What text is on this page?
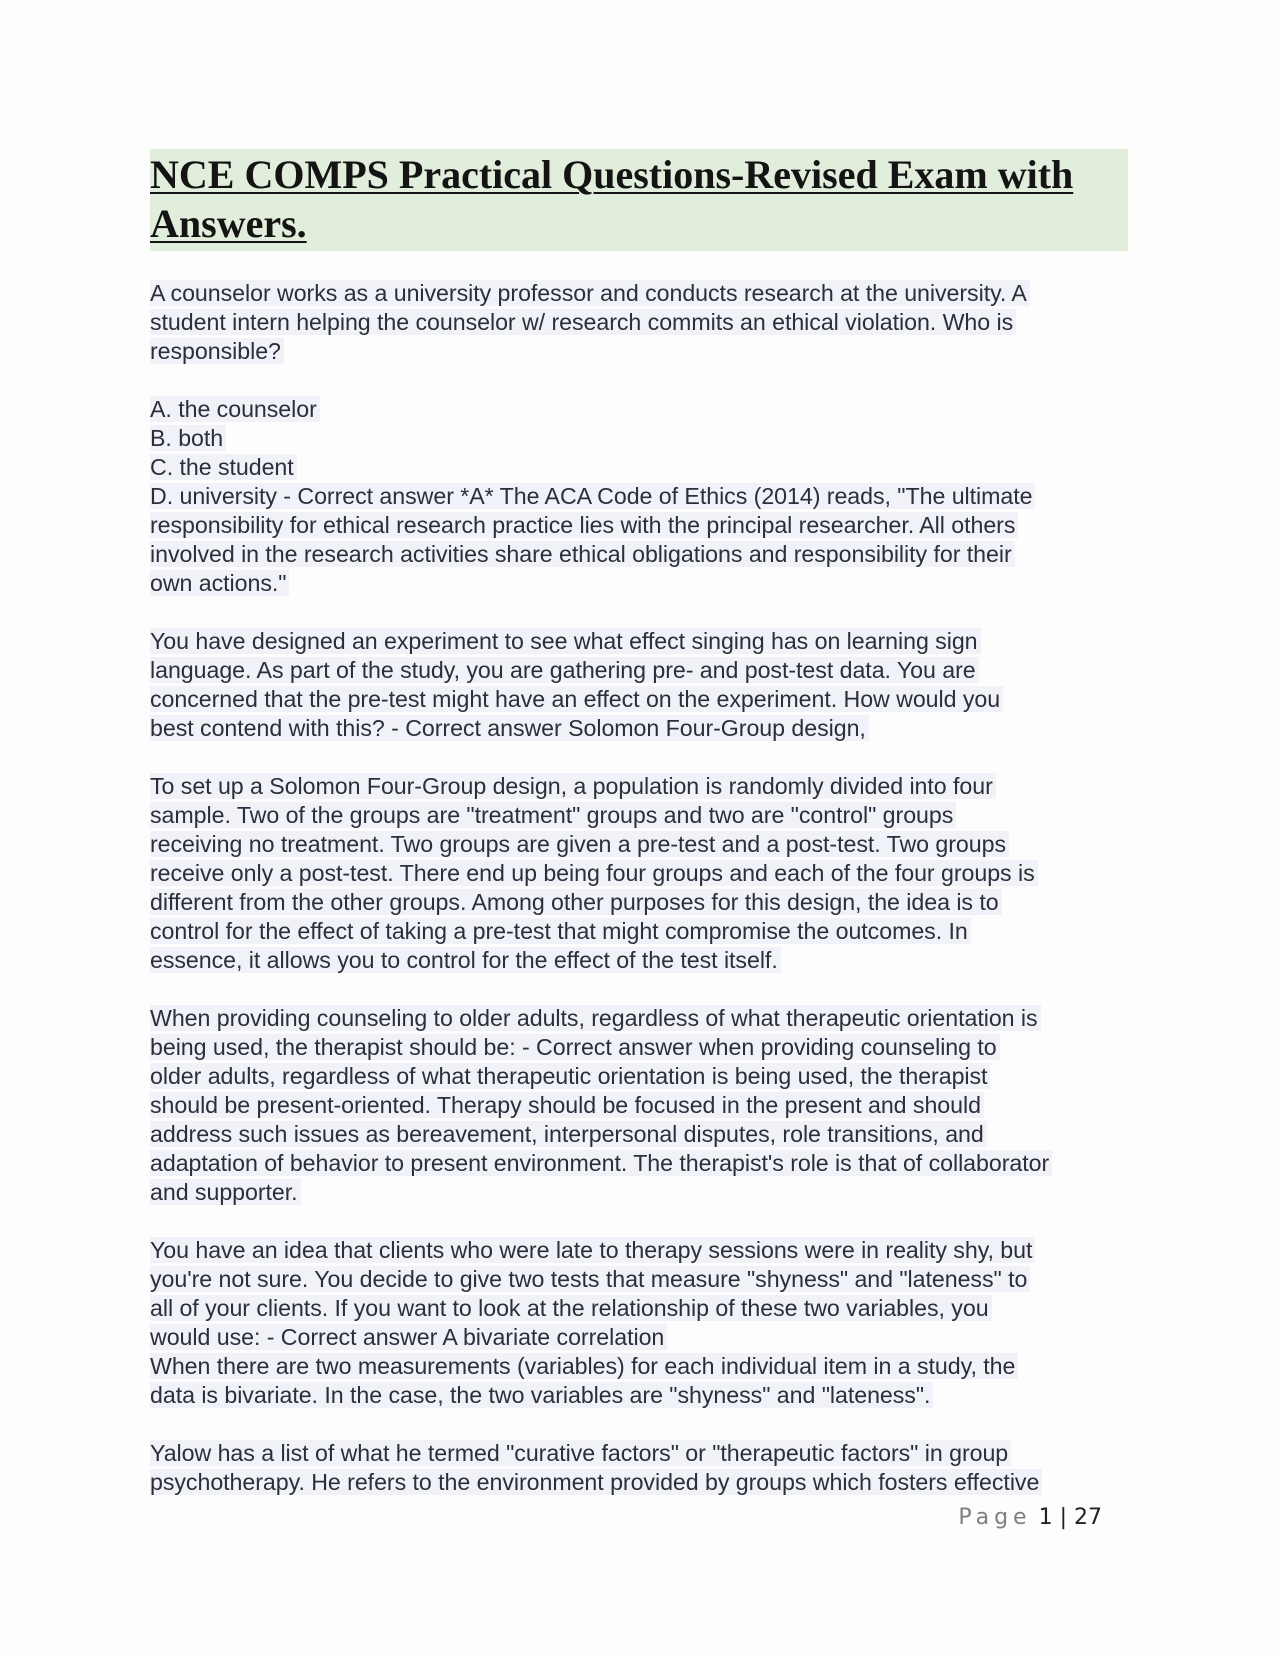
NCE COMPS Practical Questions-Revised Exam with
Answers.
A counselor works as a university professor and conducts research at the university. A
student intern helping the counselor w/ research commits an ethical violation. Who is
responsible?
A. the counselor
B. both
C. the student
D. university - Correct answer *A* The ACA Code of Ethics (2014) reads, "The ultimate
responsibility for ethical research practice lies with the principal researcher. All others
involved in the research activities share ethical obligations and responsibility for their
own actions."
You have designed an experiment to see what effect singing has on learning sign
language. As part of the study, you are gathering pre- and post-test data. You are
concerned that the pre-test might have an effect on the experiment. How would you
best contend with this? - Correct answer Solomon Four-Group design,
To set up a Solomon Four-Group design, a population is randomly divided into four
sample. Two of the groups are "treatment" groups and two are "control" groups
receiving no treatment. Two groups are given a pre-test and a post-test. Two groups
receive only a post-test. There end up being four groups and each of the four groups is
different from the other groups. Among other purposes for this design, the idea is to
control for the effect of taking a pre-test that might compromise the outcomes. In
essence, it allows you to control for the effect of the test itself.
When providing counseling to older adults, regardless of what therapeutic orientation is
being used, the therapist should be: - Correct answer when providing counseling to
older adults, regardless of what therapeutic orientation is being used, the therapist
should be present-oriented. Therapy should be focused in the present and should
address such issues as bereavement, interpersonal disputes, role transitions, and
adaptation of behavior to present environment. The therapist's role is that of collaborator
and supporter.
You have an idea that clients who were late to therapy sessions were in reality shy, but
you're not sure. You decide to give two tests that measure "shyness" and "lateness" to
all of your clients. If you want to look at the relationship of these two variables, you
would use: - Correct answer A bivariate correlation
When there are two measurements (variables) for each individual item in a study, the
data is bivariate. In the case, the two variables are "shyness" and "lateness".
Yalow has a list of what he termed "curative factors" or "therapeutic factors" in group
psychotherapy. He refers to the environment provided by groups which fosters effective
Page 1 | 27
